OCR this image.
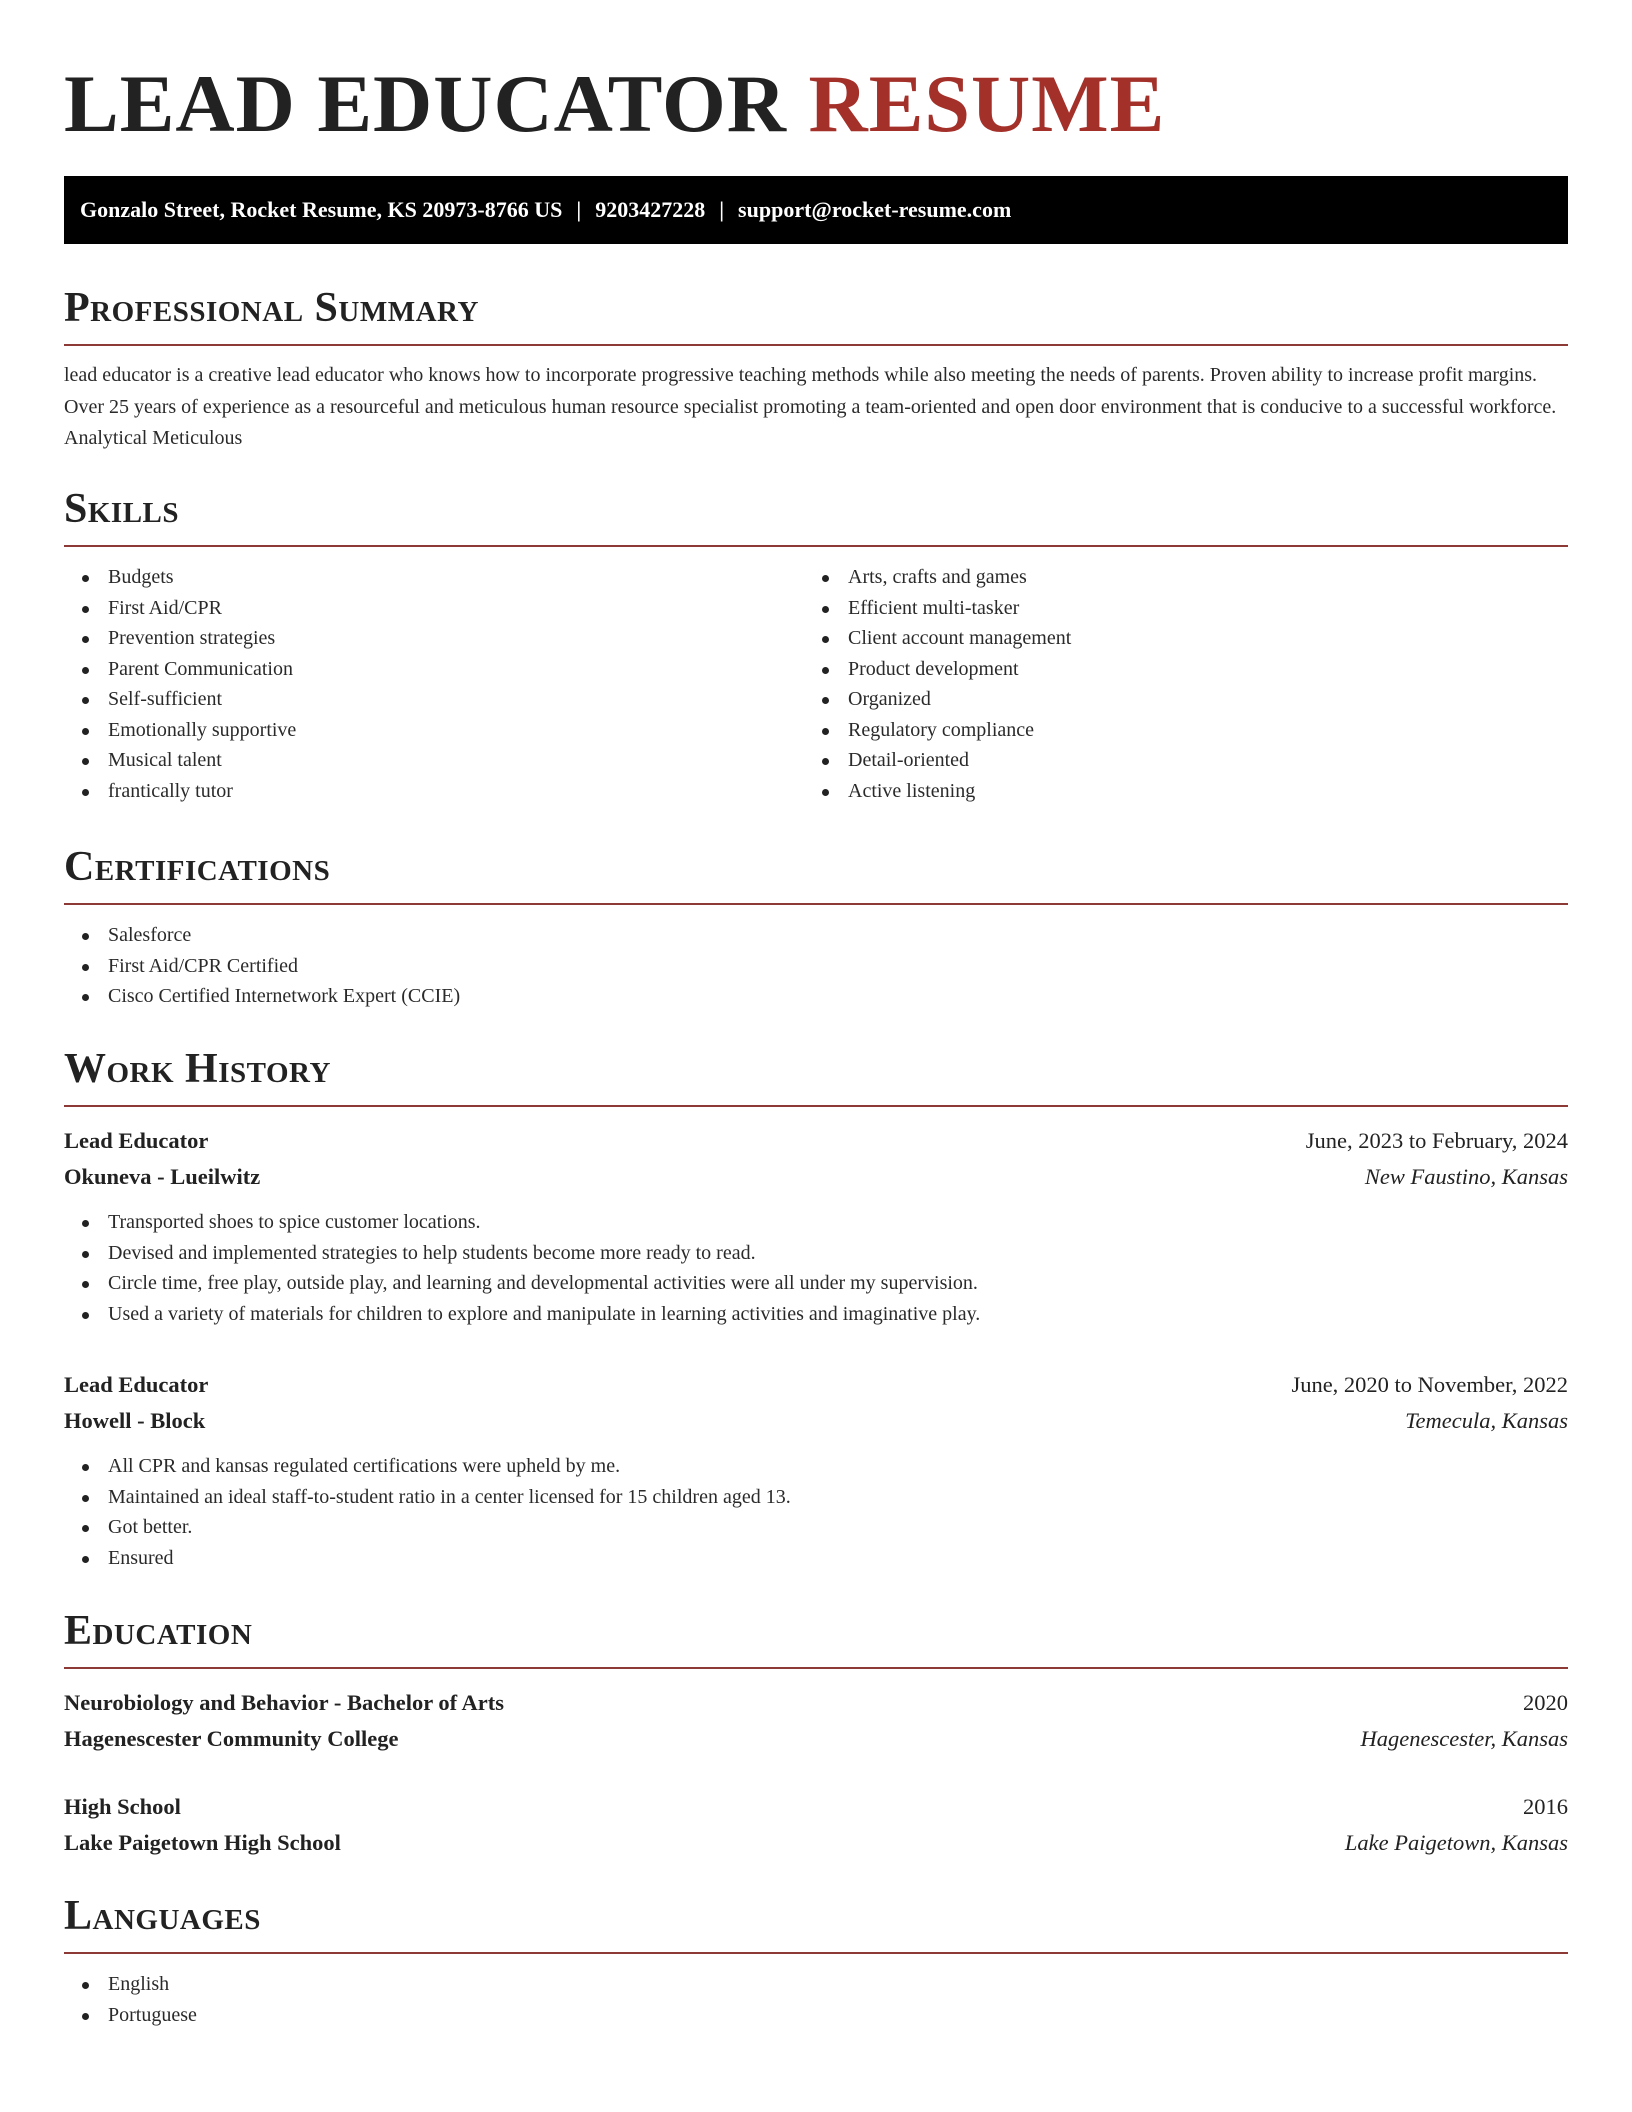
LEAD EDUCATOR RESUME
Gonzalo Street, Rocket Resume, KS 20973-8766 US | 9203427228 | support@rocket-resume.com
Professional Summary
lead educator is a creative lead educator who knows how to incorporate progressive teaching methods while also meeting the needs of parents. Proven ability to increase profit margins. Over 25 years of experience as a resourceful and meticulous human resource specialist promoting a team-oriented and open door environment that is conducive to a successful workforce. Analytical Meticulous
Skills
Budgets
First Aid/CPR
Prevention strategies
Parent Communication
Self-sufficient
Emotionally supportive
Musical talent
frantically tutor
Arts, crafts and games
Efficient multi-tasker
Client account management
Product development
Organized
Regulatory compliance
Detail-oriented
Active listening
Certifications
Salesforce
First Aid/CPR Certified
Cisco Certified Internetwork Expert (CCIE)
Work History
Lead Educator	June, 2023 to February, 2024
Okuneva - Lueilwitz	New Faustino, Kansas
Transported shoes to spice customer locations.
Devised and implemented strategies to help students become more ready to read.
Circle time, free play, outside play, and learning and developmental activities were all under my supervision.
Used a variety of materials for children to explore and manipulate in learning activities and imaginative play.
Lead Educator	June, 2020 to November, 2022
Howell - Block	Temecula, Kansas
All CPR and kansas regulated certifications were upheld by me.
Maintained an ideal staff-to-student ratio in a center licensed for 15 children aged 13.
Got better.
Ensured
Education
Neurobiology and Behavior - Bachelor of Arts	2020
Hagenescester Community College	Hagenescester, Kansas
High School	2016
Lake Paigetown High School	Lake Paigetown, Kansas
Languages
English
Portuguese
